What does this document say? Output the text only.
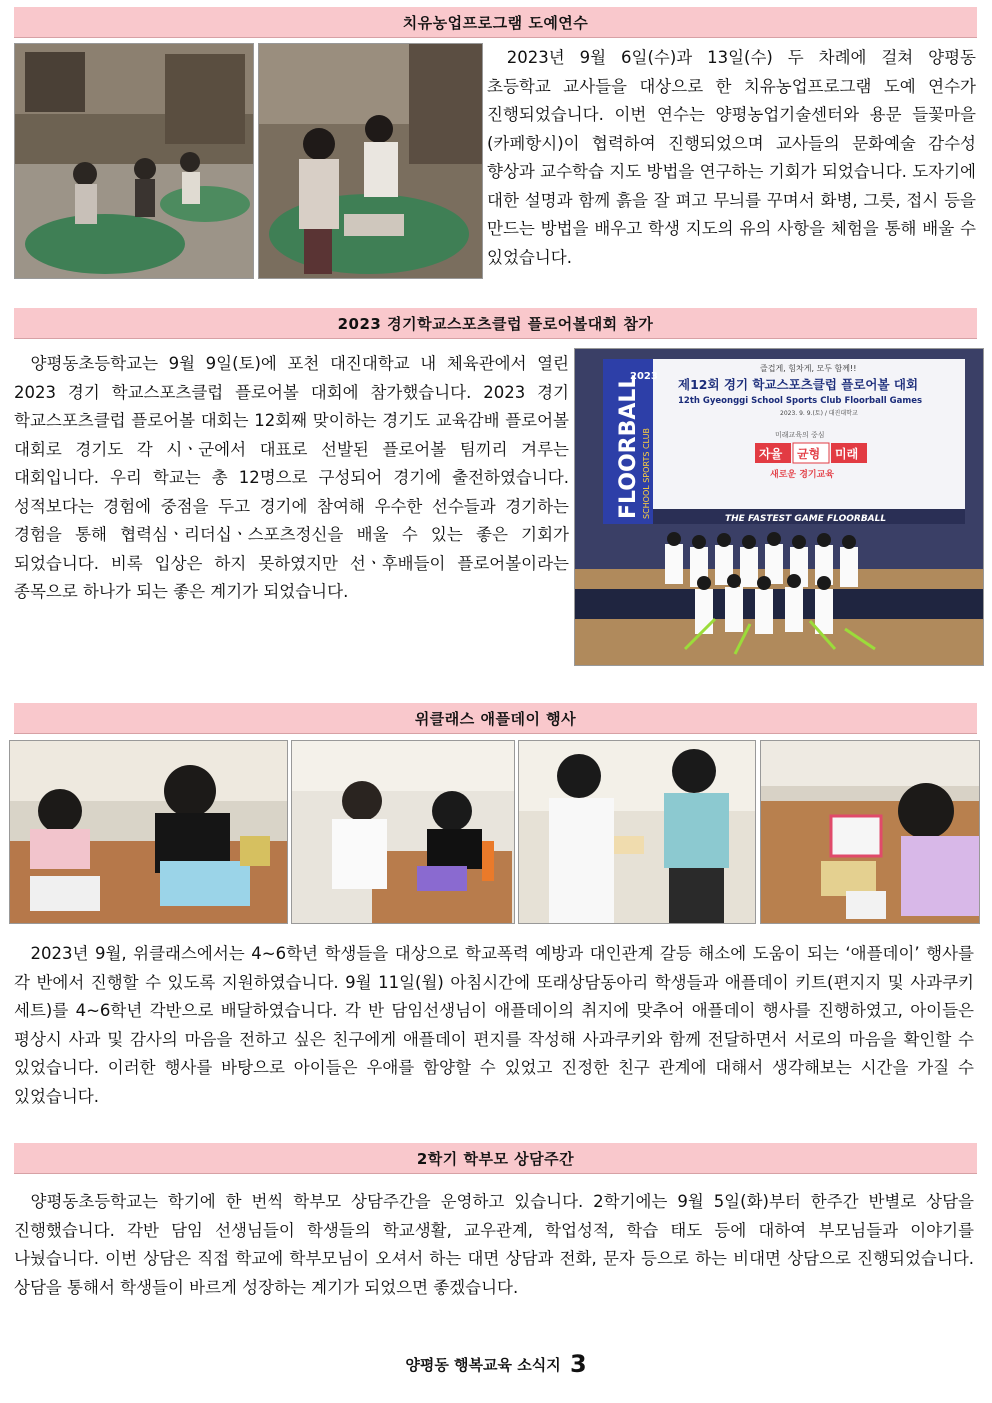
치유농업프로그램 도예연수

2023년 9월 6일(수)과 13일(수) 두 차례에 걸쳐 양평동 초등학교 교사들을 대상으로 한 치유농업프로그램 도예 연수가 진행되었습니다. 이번 연수는 양평농업기술센터와 용문 들꽃마을(카페항시)이 협력하여 진행되었으며 교사들의 문화예술 감수성 향상과 교수학습 지도 방법을 연구하는 기회가 되었습니다. 도자기에 대한 설명과 함께 흙을 잘 펴고 무늬를 꾸며서 화병, 그릇, 접시 등을 만드는 방법을 배우고 학생 지도의 유의 사항을 체험을 통해 배울 수 있었습니다.

2023 경기학교스포츠클럽 플로어볼대회 참가

양평동초등학교는 9월 9일(토)에 포천 대진대학교 내 체육관에서 열린 2023 경기 학교스포츠클럽 플로어볼 대회에 참가했습니다. 2023 경기 학교스포츠클럽 플로어볼 대회는 12회째 맞이하는 경기도 교육감배 플로어볼 대회로 경기도 각 시ㆍ군에서 대표로 선발된 플로어볼 팀끼리 겨루는 대회입니다. 우리 학교는 총 12명으로 구성되어 경기에 출전하였습니다. 성적보다는 경험에 중점을 두고 경기에 참여해 우수한 선수들과 경기하는 경험을 통해 협력심ㆍ리더십ㆍ스포츠정신을 배울 수 있는 좋은 기회가 되었습니다. 비록 입상은 하지 못하였지만 선ㆍ후배들이 플로어볼이라는 종목으로 하나가 되는 좋은 계기가 되었습니다.

2023
FLOORBALL SCHOOL SPORTS CLUB
즐겁게, 힘차게, 모두 함께!!
제12회 경기 학교스포츠클럽 플로어볼 대회
12th Gyeonggi School Sports Club Floorball Games
2023. 9. 9.(토) / 대진대학교
미래교육의 중심
자율 균형 미래
새로운 경기교육
THE FASTEST GAME FLOORBALL
위클래스 애플데이 행사

2023년 9월, 위클래스에서는 4~6학년 학생들을 대상으로 학교폭력 예방과 대인관계 갈등 해소에 도움이 되는 ‘애플데이’ 행사를 각 반에서 진행할 수 있도록 지원하였습니다. 9월 11일(월) 아침시간에 또래상담동아리 학생들과 애플데이 키트(편지지 및 사과쿠키 세트)를 4~6학년 각반으로 배달하였습니다. 각 반 담임선생님이 애플데이의 취지에 맞추어 애플데이 행사를 진행하였고, 아이들은 평상시 사과 및 감사의 마음을 전하고 싶은 친구에게 애플데이 편지를 작성해 사과쿠키와 함께 전달하면서 서로의 마음을 확인할 수 있었습니다. 이러한 행사를 바탕으로 아이들은 우애를 함양할 수 있었고 진정한 친구 관계에 대해서 생각해보는 시간을 가질 수 있었습니다.

2학기 학부모 상담주간

양평동초등학교는 학기에 한 번씩 학부모 상담주간을 운영하고 있습니다. 2학기에는 9월 5일(화)부터 한주간 반별로 상담을 진행했습니다. 각반 담임 선생님들이 학생들의 학교생활, 교우관계, 학업성적, 학습 태도 등에 대하여 부모님들과 이야기를 나눴습니다. 이번 상담은 직접 학교에 학부모님이 오셔서 하는 대면 상담과 전화, 문자 등으로 하는 비대면 상담으로 진행되었습니다. 상담을 통해서 학생들이 바르게 성장하는 계기가 되었으면 좋겠습니다.

양평동 행복교육 소식지 3
